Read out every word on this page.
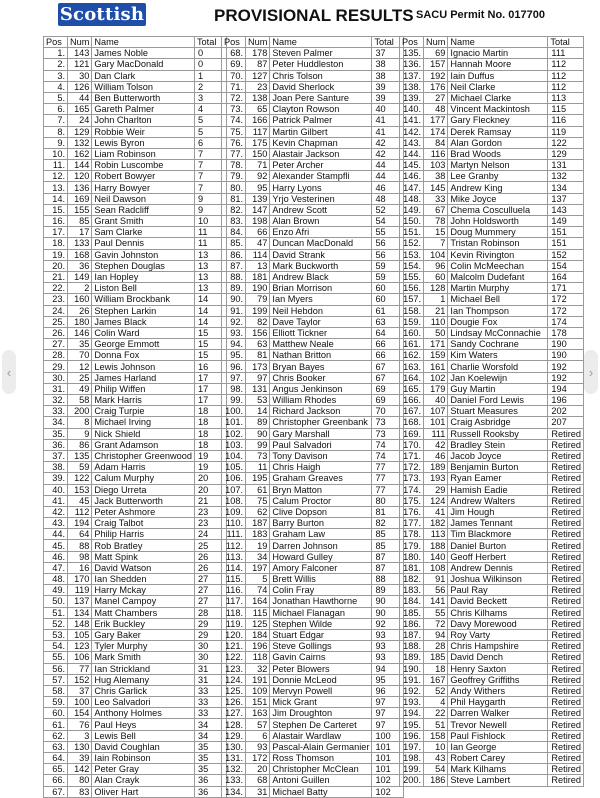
Scottish	PROVISIONAL RESULTS SACU Permit No. 017700
Pos	Num	Name	Total
1.	143	James Noble	0
2.	121	Gary MacDonald	0
3.	30	Dan Clark	1
4.	126	William Tolson	2
5.	44	Ben Butterworth	3
6.	165	Gareth Palmer	4
7.	24	John Charlton	5
8.	129	Robbie Weir	5
9.	132	Lewis Byron	6
10.	162	Liam Robinson	7
11.	144	Robin Luscombe	7
12.	120	Robert Bowyer	7
13.	136	Harry Bowyer	7
14.	169	Neil Dawson	9
15.	155	Sean Radcliff	9
16.	85	Grant Smith	10
17.	17	Sam Clarke	11
18.	133	Paul Dennis	11
19.	168	Gavin Johnston	13
20.	36	Stephen Douglas	13
21.	149	Ian Hopley	13
22.	2	Liston Bell	13
23.	160	William Brockbank	14
24.	26	Stephen Larkin	14
25.	180	James Black	14
26.	146	Colin Ward	15
27.	35	George Emmott	15
28.	70	Donna Fox	15
29.	12	Lewis Johnson	16
30.	25	James Harland	17
31.	49	Philip Wiffen	17
32.	58	Mark Harris	17
33.	200	Craig Turpie	18
34.	8	Michael Irving	18
35.	9	Nick Shield	18
36.	86	Grant Adamson	18
37.	135	Christopher Greenwood	19
38.	59	Adam Harris	19
39.	122	Calum Murphy	20
40.	153	Diego Urreta	20
41.	45	Jack Butterworth	21
42.	112	Peter Ashmore	23
43.	194	Craig Talbot	23
44.	64	Philip Harris	24
45.	88	Rob Bratley	25
46.	98	Matt Spink	26
47.	16	David Watson	26
48.	170	Ian Shedden	27
49.	119	Harry Mckay	27
50.	137	Manel Campoy	27
51.	134	Matt Chambers	28
52.	148	Erik Buckley	29
53.	105	Gary Baker	29
54.	123	Tyler Murphy	30
55.	106	Mark Smith	30
56.	77	Ian Strickland	31
57.	152	Hug Alemany	31
58.	37	Chris Garlick	33
59.	100	Leo Salvadori	33
60.	154	Anthony Holmes	33
61.	76	Paul Heys	34
62.	3	Lewis Bell	34
63.	130	David Coughlan	35
64.	39	Iain Robinson	35
65.	142	Peter Gray	35
66.	80	Alan Crayk	36
67.	83	Oliver Hart	36
Pos	Num	Name	Total
68.	178	Steven Palmer	37
69.	87	Peter Huddleston	38
70.	127	Chris Tolson	38
71.	23	David Sherlock	39
72.	138	Joan Pere Santure	39
73.	65	Clayton Rowson	40
74.	166	Patrick Palmer	41
75.	117	Martin Gilbert	41
76.	175	Kevin Chapman	42
77.	150	Alastair Jackson	42
78.	71	Peter Archer	44
79.	92	Alexander Stampfli	44
80.	95	Harry Lyons	46
81.	139	Yrjo Vesterinen	48
82.	147	Andrew Scott	52
83.	198	Alan Brown	54
84.	66	Enzo Afri	55
85.	47	Duncan MacDonald	56
86.	114	David Strank	56
87.	13	Mark Buckworth	59
88.	181	Andrew Black	59
89.	190	Brian Morrison	60
90.	79	Ian Myers	60
91.	199	Neil Hebdon	61
92.	82	Dave Taylor	63
93.	156	Elliott Tickner	64
94.	63	Matthew Neale	66
95.	81	Nathan Britton	66
96.	173	Bryan Bayes	67
97.	97	Chris Booker	67
98.	131	Angus Jenkinson	69
99.	53	William Rhodes	69
100.	14	Richard Jackson	70
101.	89	Christopher Greenbank	73
102.	90	Gary Marshall	73
103.	99	Paul Salvadori	74
104.	73	Tony Davison	74
105.	11	Chris Haigh	77
106.	195	Graham Greaves	77
107.	61	Bryn Matton	77
108.	75	Calum Proctor	80
109.	62	Clive Dopson	81
110.	187	Barry Burton	82
111.	183	Graham Law	85
112.	19	Darren Johnson	85
113.	34	Howard Gulley	87
114.	197	Amory Falconer	87
115.	5	Brett Willis	88
116.	74	Colin Fray	89
117.	164	Jonathan Hawthorne	90
118.	115	Michael Flanagan	90
119.	125	Stephen Wilde	92
120.	184	Stuart Edgar	93
121.	196	Steve Gollings	93
122.	118	Gavin Cairns	93
123.	32	Peter Blowers	94
124.	191	Donnie McLeod	95
125.	109	Mervyn Powell	96
126.	151	Mick Grant	97
127.	163	Jim Droughton	97
128.	57	Stephen De Carteret	97
129.	6	Alastair Wardlaw	100
130.	93	Pascal-Alain Germanier	101
131.	172	Ross Thomson	101
132.	20	Christopher McClean	101
133.	68	Antoni Guillen	102
134.	31	Michael Batty	102
Pos	Num	Name	Total
135.	69	Ignacio Martin	111
136.	157	Hannah Moore	112
137.	192	Iain Duffus	112
138.	176	Neil Clarke	112
139.	27	Michael Clarke	113
140.	48	Vincent Mackintosh	115
141.	177	Gary Fleckney	116
142.	174	Derek Ramsay	119
143.	84	Alan Gordon	122
144.	116	Brad Woods	129
145.	103	Martyn Nelson	131
146.	38	Lee Granby	132
147.	145	Andrew King	134
148.	33	Mike Joyce	137
149.	67	Chema Cosculluela	143
150.	78	John Holdsworth	149
151.	15	Doug Mummery	151
152.	7	Tristan Robinson	151
153.	104	Kevin Rivington	152
154.	96	Colin McMeechan	154
155.	60	Malcolm Dudefant	164
156.	128	Martin Murphy	171
157.	1	Michael Bell	172
158.	21	Ian Thompson	172
159.	110	Dougie Fox	174
160.	50	Lindsay McConnachie	178
161.	171	Sandy Cochrane	190
162.	159	Kim Waters	190
163.	161	Charlie Worsfold	192
164.	102	Jan Koelewijn	192
165.	179	Guy Martin	194
166.	40	Daniel Ford Lewis	196
167.	107	Stuart Measures	202
168.	101	Craig Asbridge	207
169.	111	Russell Rooksby	Retired
170.	42	Bradley Stein	Retired
171.	46	Jacob Joyce	Retired
172.	189	Benjamin Burton	Retired
173.	193	Ryan Eamer	Retired
174.	29	Hamish Eadie	Retired
175.	124	Andrew Walters	Retired
176.	41	Jim Hough	Retired
177.	182	James Tennant	Retired
178.	113	Tim Blackmore	Retired
179.	188	Daniel Burton	Retired
180.	140	Geoff Herbert	Retired
181.	108	Andrew Dennis	Retired
182.	91	Joshua Wilkinson	Retired
183.	56	Paul Ray	Retired
184.	141	David Beckett	Retired
185.	55	Chris Kilhams	Retired
186.	72	Davy Morewood	Retired
187.	94	Roy Varty	Retired
188.	28	Chris Hampshire	Retired
189.	185	David Dench	Retired
190.	18	Henry Saxton	Retired
191.	167	Geoffrey Griffiths	Retired
192.	52	Andy Withers	Retired
193.	4	Phil Haygarth	Retired
194.	22	Darren Walker	Retired
195.	51	Trevor Newell	Retired
196.	158	Paul Fishlock	Retired
197.	10	Ian George	Retired
198.	43	Robert Carey	Retired
199.	54	Mark Kilhams	Retired
200.	186	Steve Lambert	Retired
‹	›
